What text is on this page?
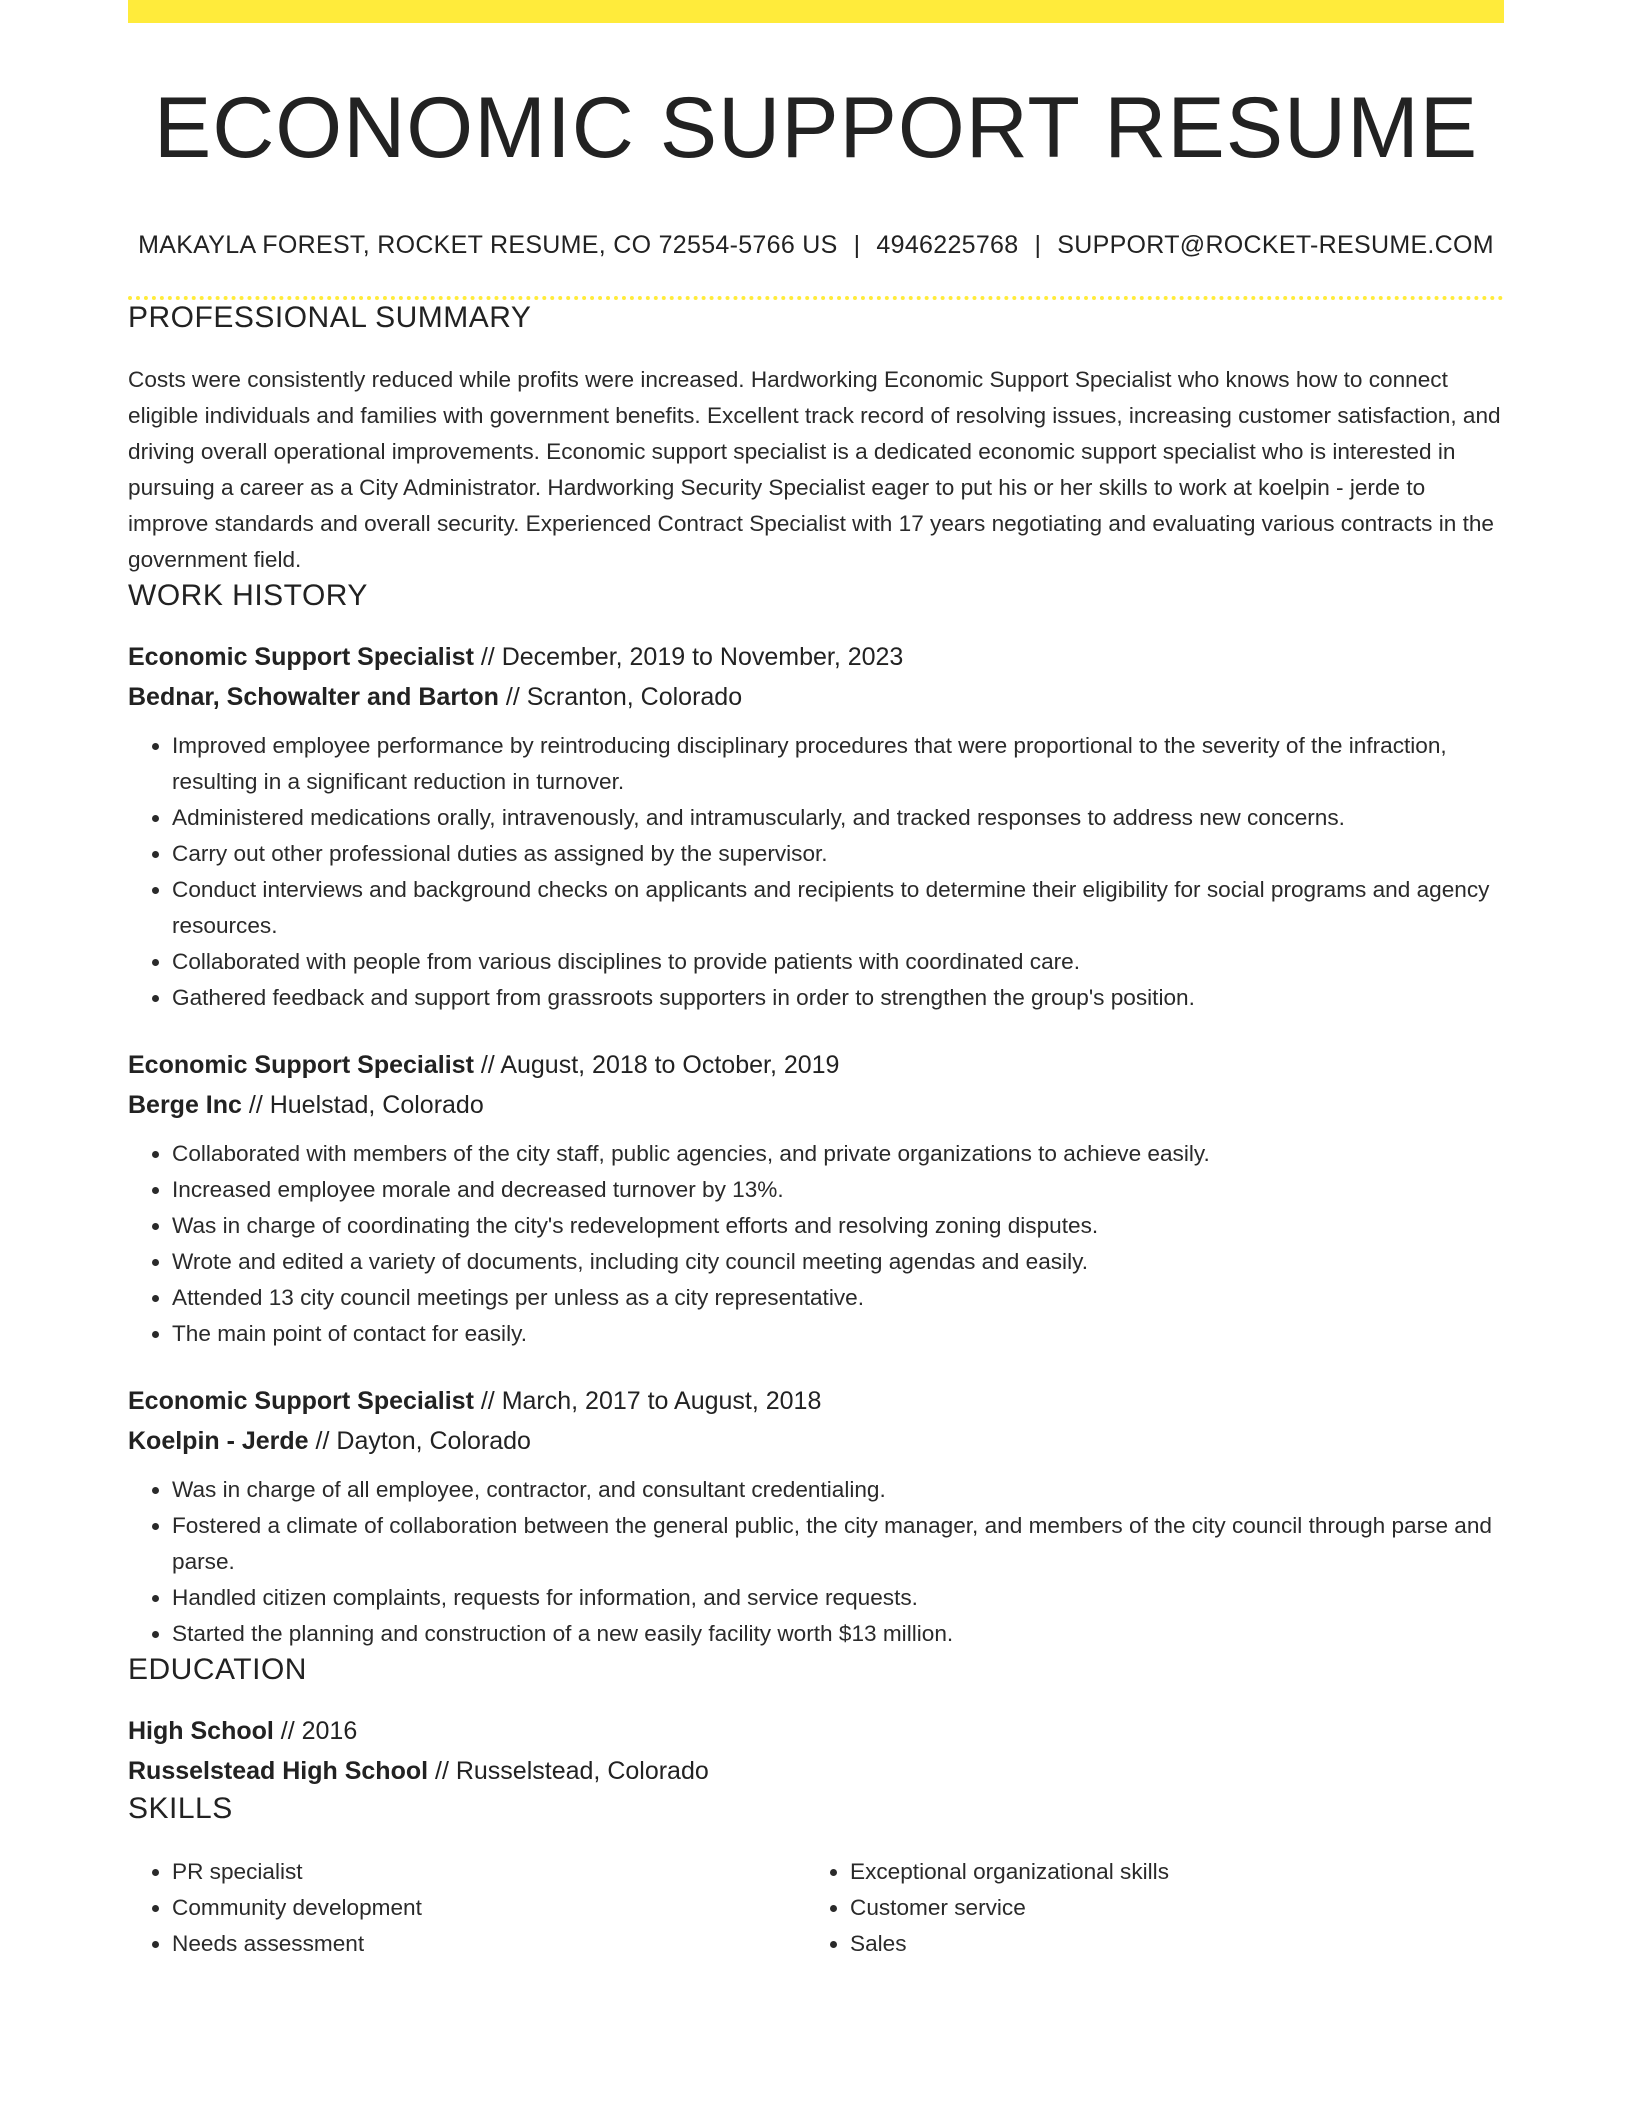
ECONOMIC SUPPORT RESUME
MAKAYLA FOREST, ROCKET RESUME, CO 72554-5766 US | 4946225768 | SUPPORT@ROCKET-RESUME.COM
PROFESSIONAL SUMMARY

Costs were consistently reduced while profits were increased. Hardworking Economic Support Specialist who knows how to connect eligible individuals and families with government benefits. Excellent track record of resolving issues, increasing customer satisfaction, and driving overall operational improvements. Economic support specialist is a dedicated economic support specialist who is interested in pursuing a career as a City Administrator. Hardworking Security Specialist eager to put his or her skills to work at koelpin - jerde to improve standards and overall security. Experienced Contract Specialist with 17 years negotiating and evaluating various contracts in the government field.

WORK HISTORY
Economic Support Specialist // December, 2019 to November, 2023
Bednar, Schowalter and Barton // Scranton, Colorado
• Improved employee performance by reintroducing disciplinary procedures that were proportional to the severity of the infraction, resulting in a significant reduction in turnover.
• Administered medications orally, intravenously, and intramuscularly, and tracked responses to address new concerns.
• Carry out other professional duties as assigned by the supervisor.
• Conduct interviews and background checks on applicants and recipients to determine their eligibility for social programs and agency resources.
• Collaborated with people from various disciplines to provide patients with coordinated care.
• Gathered feedback and support from grassroots supporters in order to strengthen the group's position.
Economic Support Specialist // August, 2018 to October, 2019
Berge Inc // Huelstad, Colorado
• Collaborated with members of the city staff, public agencies, and private organizations to achieve easily.
• Increased employee morale and decreased turnover by 13%.
• Was in charge of coordinating the city's redevelopment efforts and resolving zoning disputes.
• Wrote and edited a variety of documents, including city council meeting agendas and easily.
• Attended 13 city council meetings per unless as a city representative.
• The main point of contact for easily.
Economic Support Specialist // March, 2017 to August, 2018
Koelpin - Jerde // Dayton, Colorado
• Was in charge of all employee, contractor, and consultant credentialing.
• Fostered a climate of collaboration between the general public, the city manager, and members of the city council through parse and parse.
• Handled citizen complaints, requests for information, and service requests.
• Started the planning and construction of a new easily facility worth $13 million.
EDUCATION
High School // 2016
Russelstead High School // Russelstead, Colorado
SKILLS
• PR specialist
• Community development
• Needs assessment
• Exceptional organizational skills
• Customer service
• Sales
